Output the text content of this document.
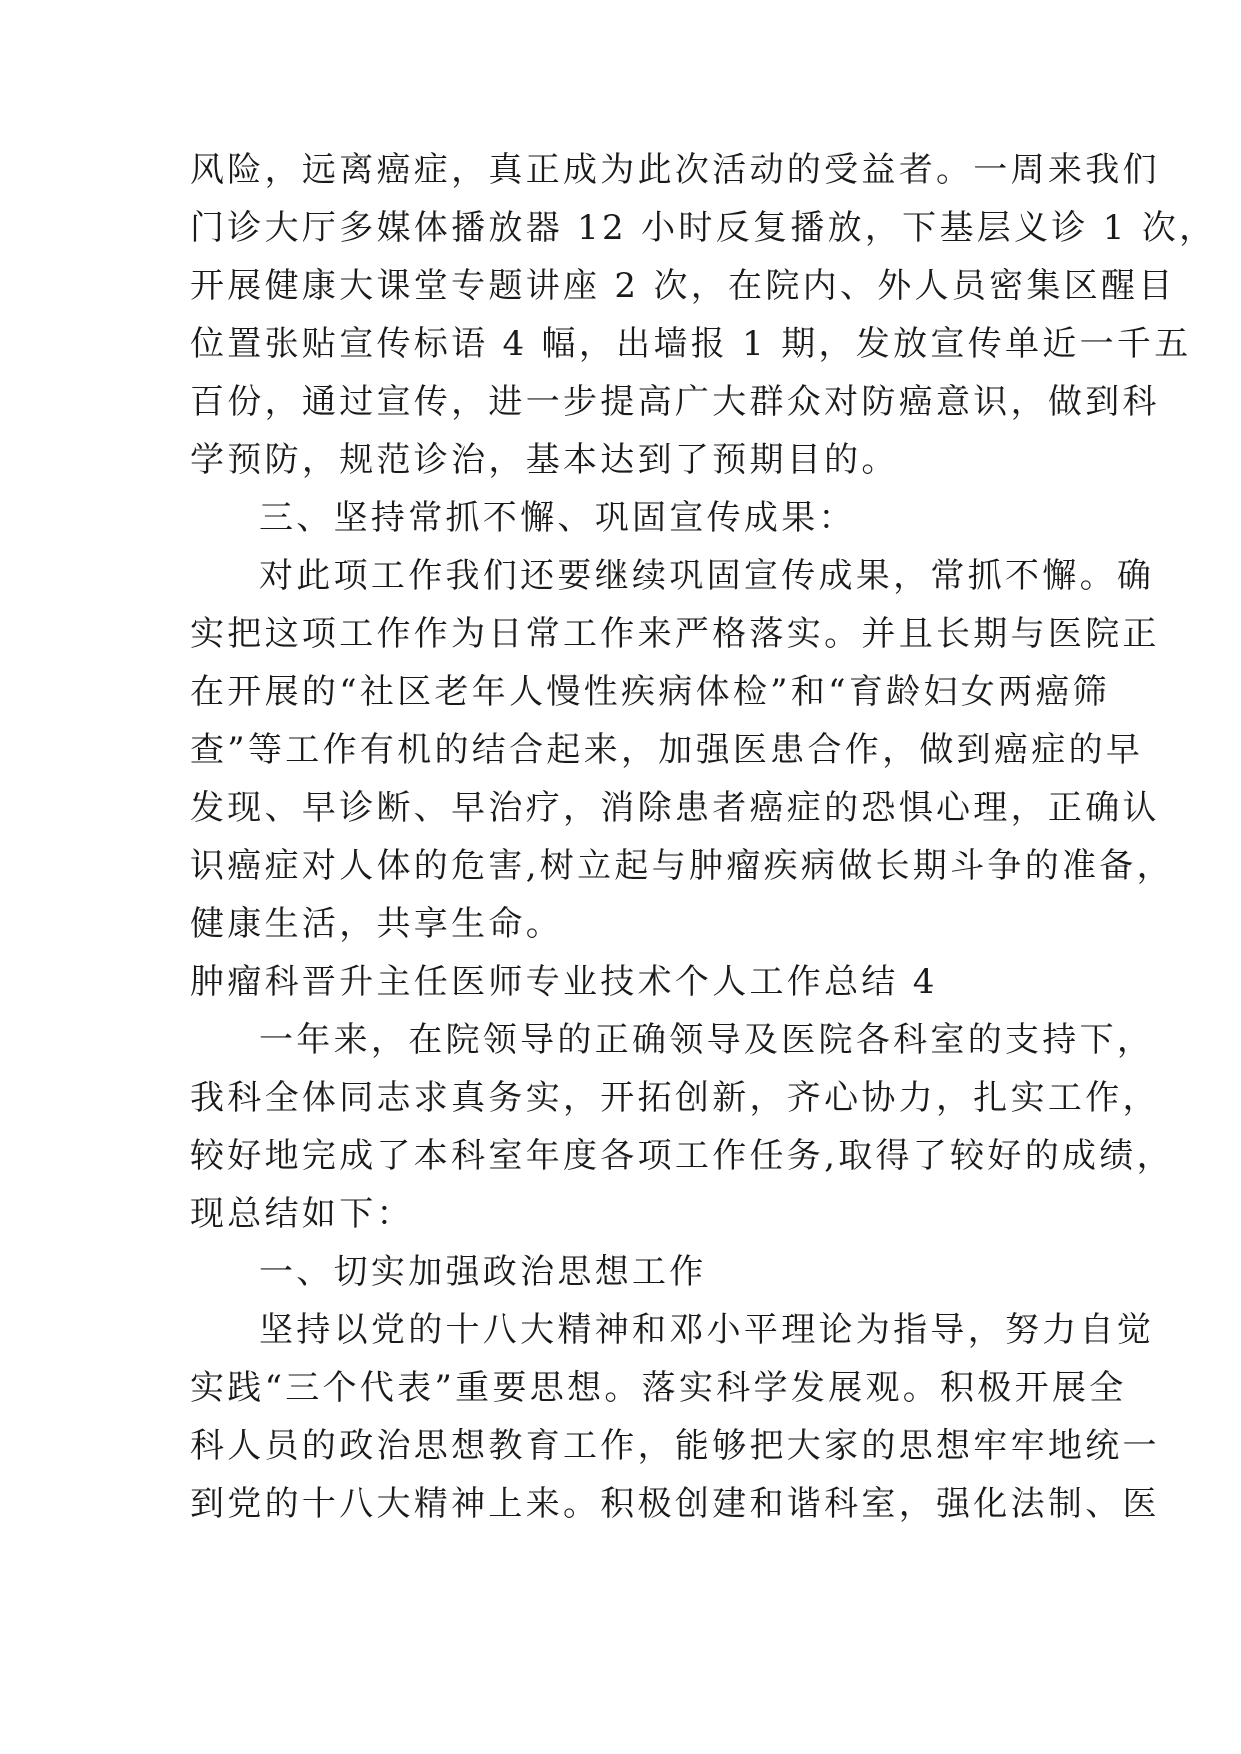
风险，远离癌症，真正成为此次活动的受益者。一周来我们
门诊大厅多媒体播放器 12 小时反复播放，下基层义诊 1 次，
开展健康大课堂专题讲座 2 次，在院内、外人员密集区醒目
位置张贴宣传标语 4 幅，出墙报 1 期，发放宣传单近一千五
百份，通过宣传，进一步提高广大群众对防癌意识，做到科
学预防，规范诊治，基本达到了预期目的。
三、坚持常抓不懈、巩固宣传成果：
对此项工作我们还要继续巩固宣传成果，常抓不懈。确
实把这项工作作为日常工作来严格落实。并且长期与医院正
在开展的“社区老年人慢性疾病体检”和“育龄妇女两癌筛
查”等工作有机的结合起来，加强医患合作，做到癌症的早
发现、早诊断、早治疗，消除患者癌症的恐惧心理，正确认
识癌症对人体的危害,树立起与肿瘤疾病做长期斗争的准备，
健康生活，共享生命。
肿瘤科晋升主任医师专业技术个人工作总结 4
一年来，在院领导的正确领导及医院各科室的支持下，
我科全体同志求真务实，开拓创新，齐心协力，扎实工作，
较好地完成了本科室年度各项工作任务,取得了较好的成绩，
现总结如下：
一、切实加强政治思想工作
坚持以党的十八大精神和邓小平理论为指导，努力自觉
实践“三个代表”重要思想。落实科学发展观。积极开展全
科人员的政治思想教育工作，能够把大家的思想牢牢地统一
到党的十八大精神上来。积极创建和谐科室，强化法制、医
